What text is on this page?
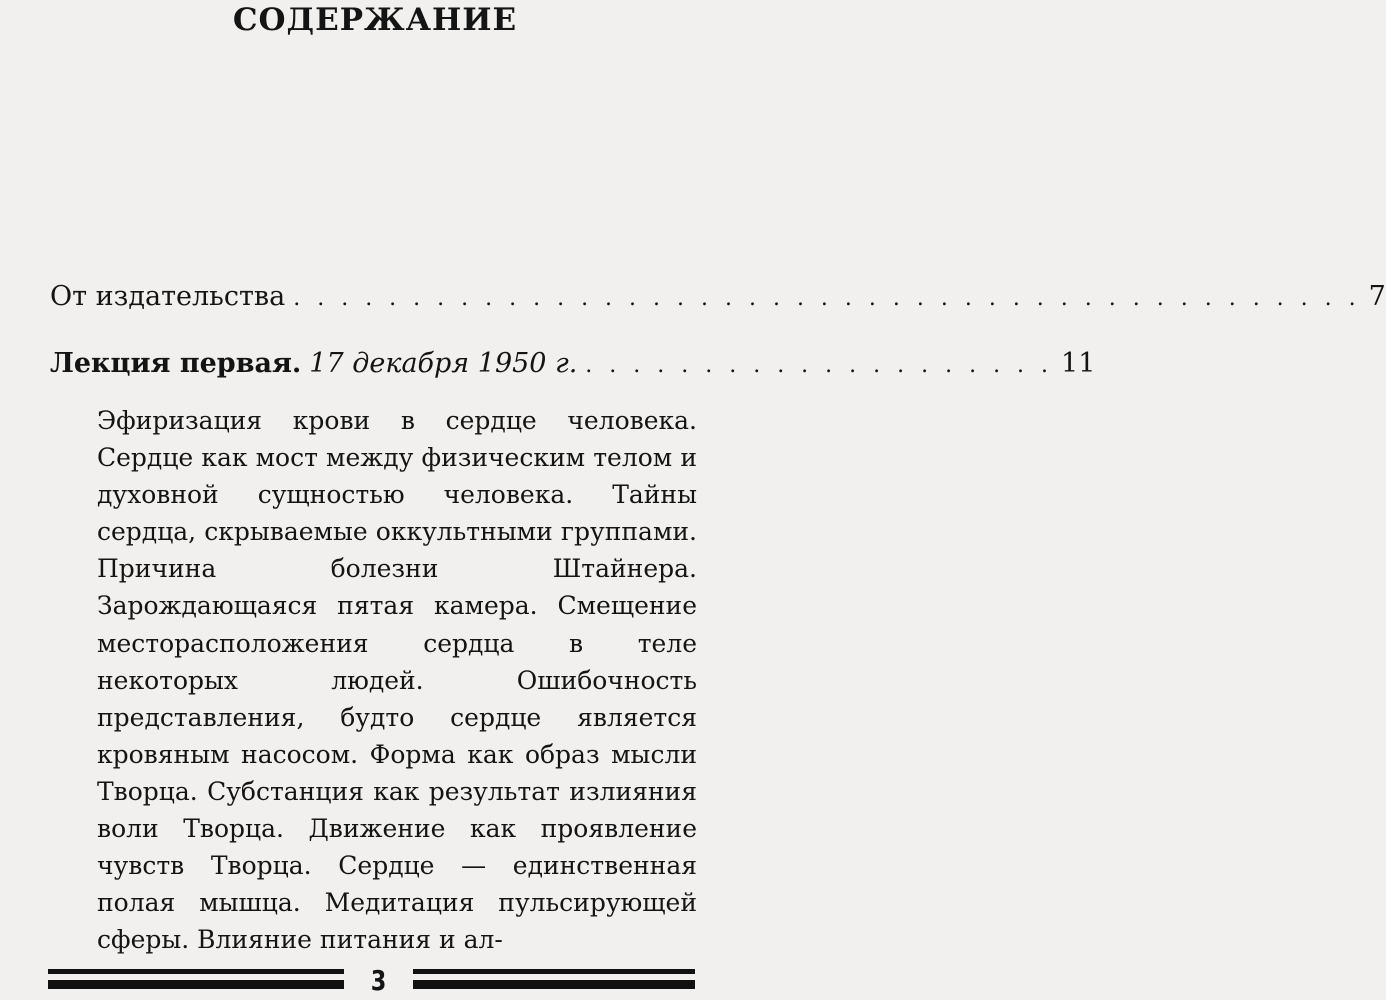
СОДЕРЖАНИЕ
От издательства . . . . . . . . . . . . . . . . . . . . . . . . . . . . . . . . . . . . . . . . . . . . . 7
Лекция первая. 17 декабря 1950 г. . . . . . . . . . . . . . . . . . . . . 11
Эфиризация крови в сердце человека. Сердце как мост между физическим телом и духовной сущностью человека. Тайны сердца, скрываемые оккультными группами. Причина болезни Штайнера. Зарождающаяся пятая камера. Смещение месторасположения сердца в теле некоторых людей. Ошибочность представления, будто сердце является кровяным насосом. Форма как образ мысли Творца. Субстанция как результат излияния воли Творца. Движение как проявление чувств Творца. Сердце — единственная полая мышца. Медитация пульсирующей сферы. Влияние питания и ал-
3
